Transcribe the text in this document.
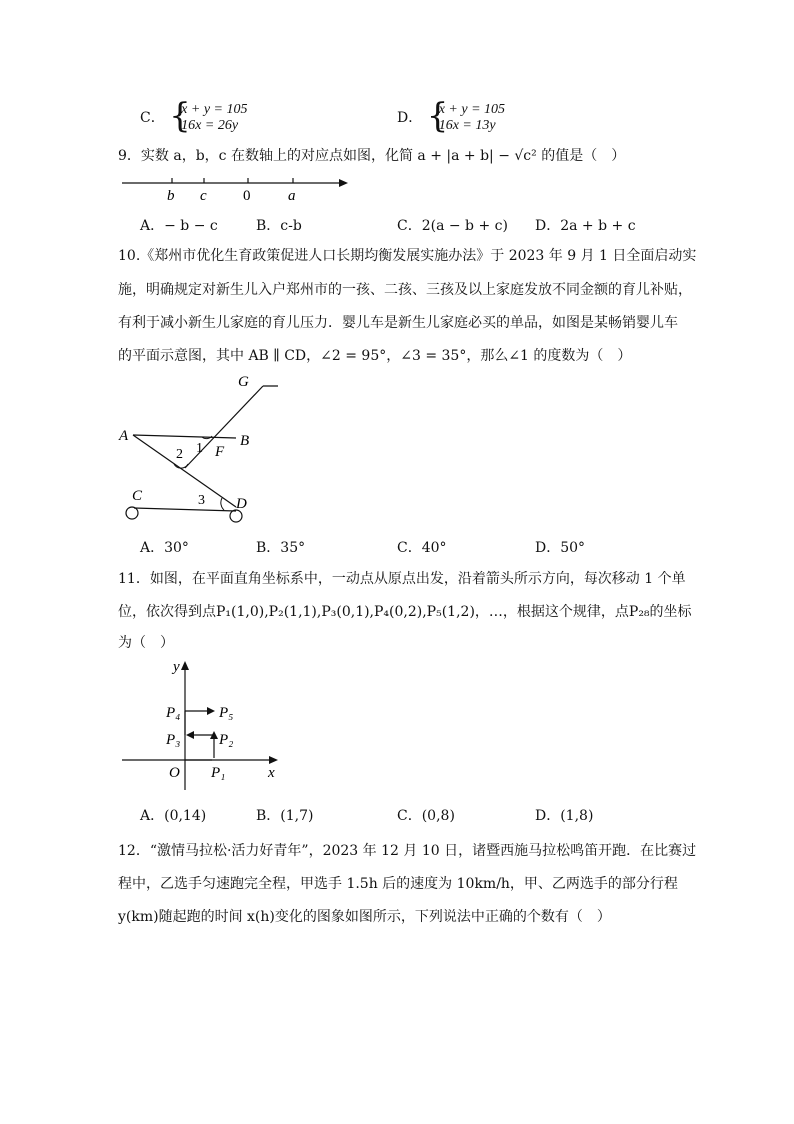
C． {
x + y = 105
16x = 26y	D． {
x + y = 105
16x = 13y
9．实数 a，b，c 在数轴上的对应点如图，化简 a + |a + b| − √c² 的值是（　）
b c 0	a
A．− b − c	B．c-b	C．2(a − b + c) D．2a + b + c
10.《郑州市优化生育政策促进人口长期均衡发展实施办法》于 2023 年 9 月 1 日全面启动实
施，明确规定对新生儿入户郑州市的一孩、二孩、三孩及以上家庭发放不同金额的育儿补贴，
有利于减小新生儿家庭的育儿压力．婴儿车是新生儿家庭必买的单品，如图是某畅销婴儿车
的平面示意图，其中 AB ∥ CD，∠2 = 95°，∠3 = 35°，那么∠1 的度数为（　）
G
A	B
F
C	D
1
2
3
A．30°	B．35°	C．40°	D．50°
11．如图，在平面直角坐标系中，一动点从原点出发，沿着箭头所示方向，每次移动 1 个单
位，依次得到点P₁(1,0),P₂(1,1),P₃(0,1),P₄(0,2),P₅(1,2)，…，根据这个规律，点P₂₈的坐标
为（　）
y
x
O P₁
P₂
P₃
P₄	P₅
A．(0,14)	B．(1,7)	C．(0,8)	D．(1,8)
12．“激情马拉松·活力好青年”，2023 年 12 月 10 日，诸暨西施马拉松鸣笛开跑．在比赛过
程中，乙选手匀速跑完全程，甲选手 1.5h 后的速度为 10km/h，甲、乙两选手的部分行程
y(km)随起跑的时间 x(h)变化的图象如图所示，下列说法中正确的个数有（　）
